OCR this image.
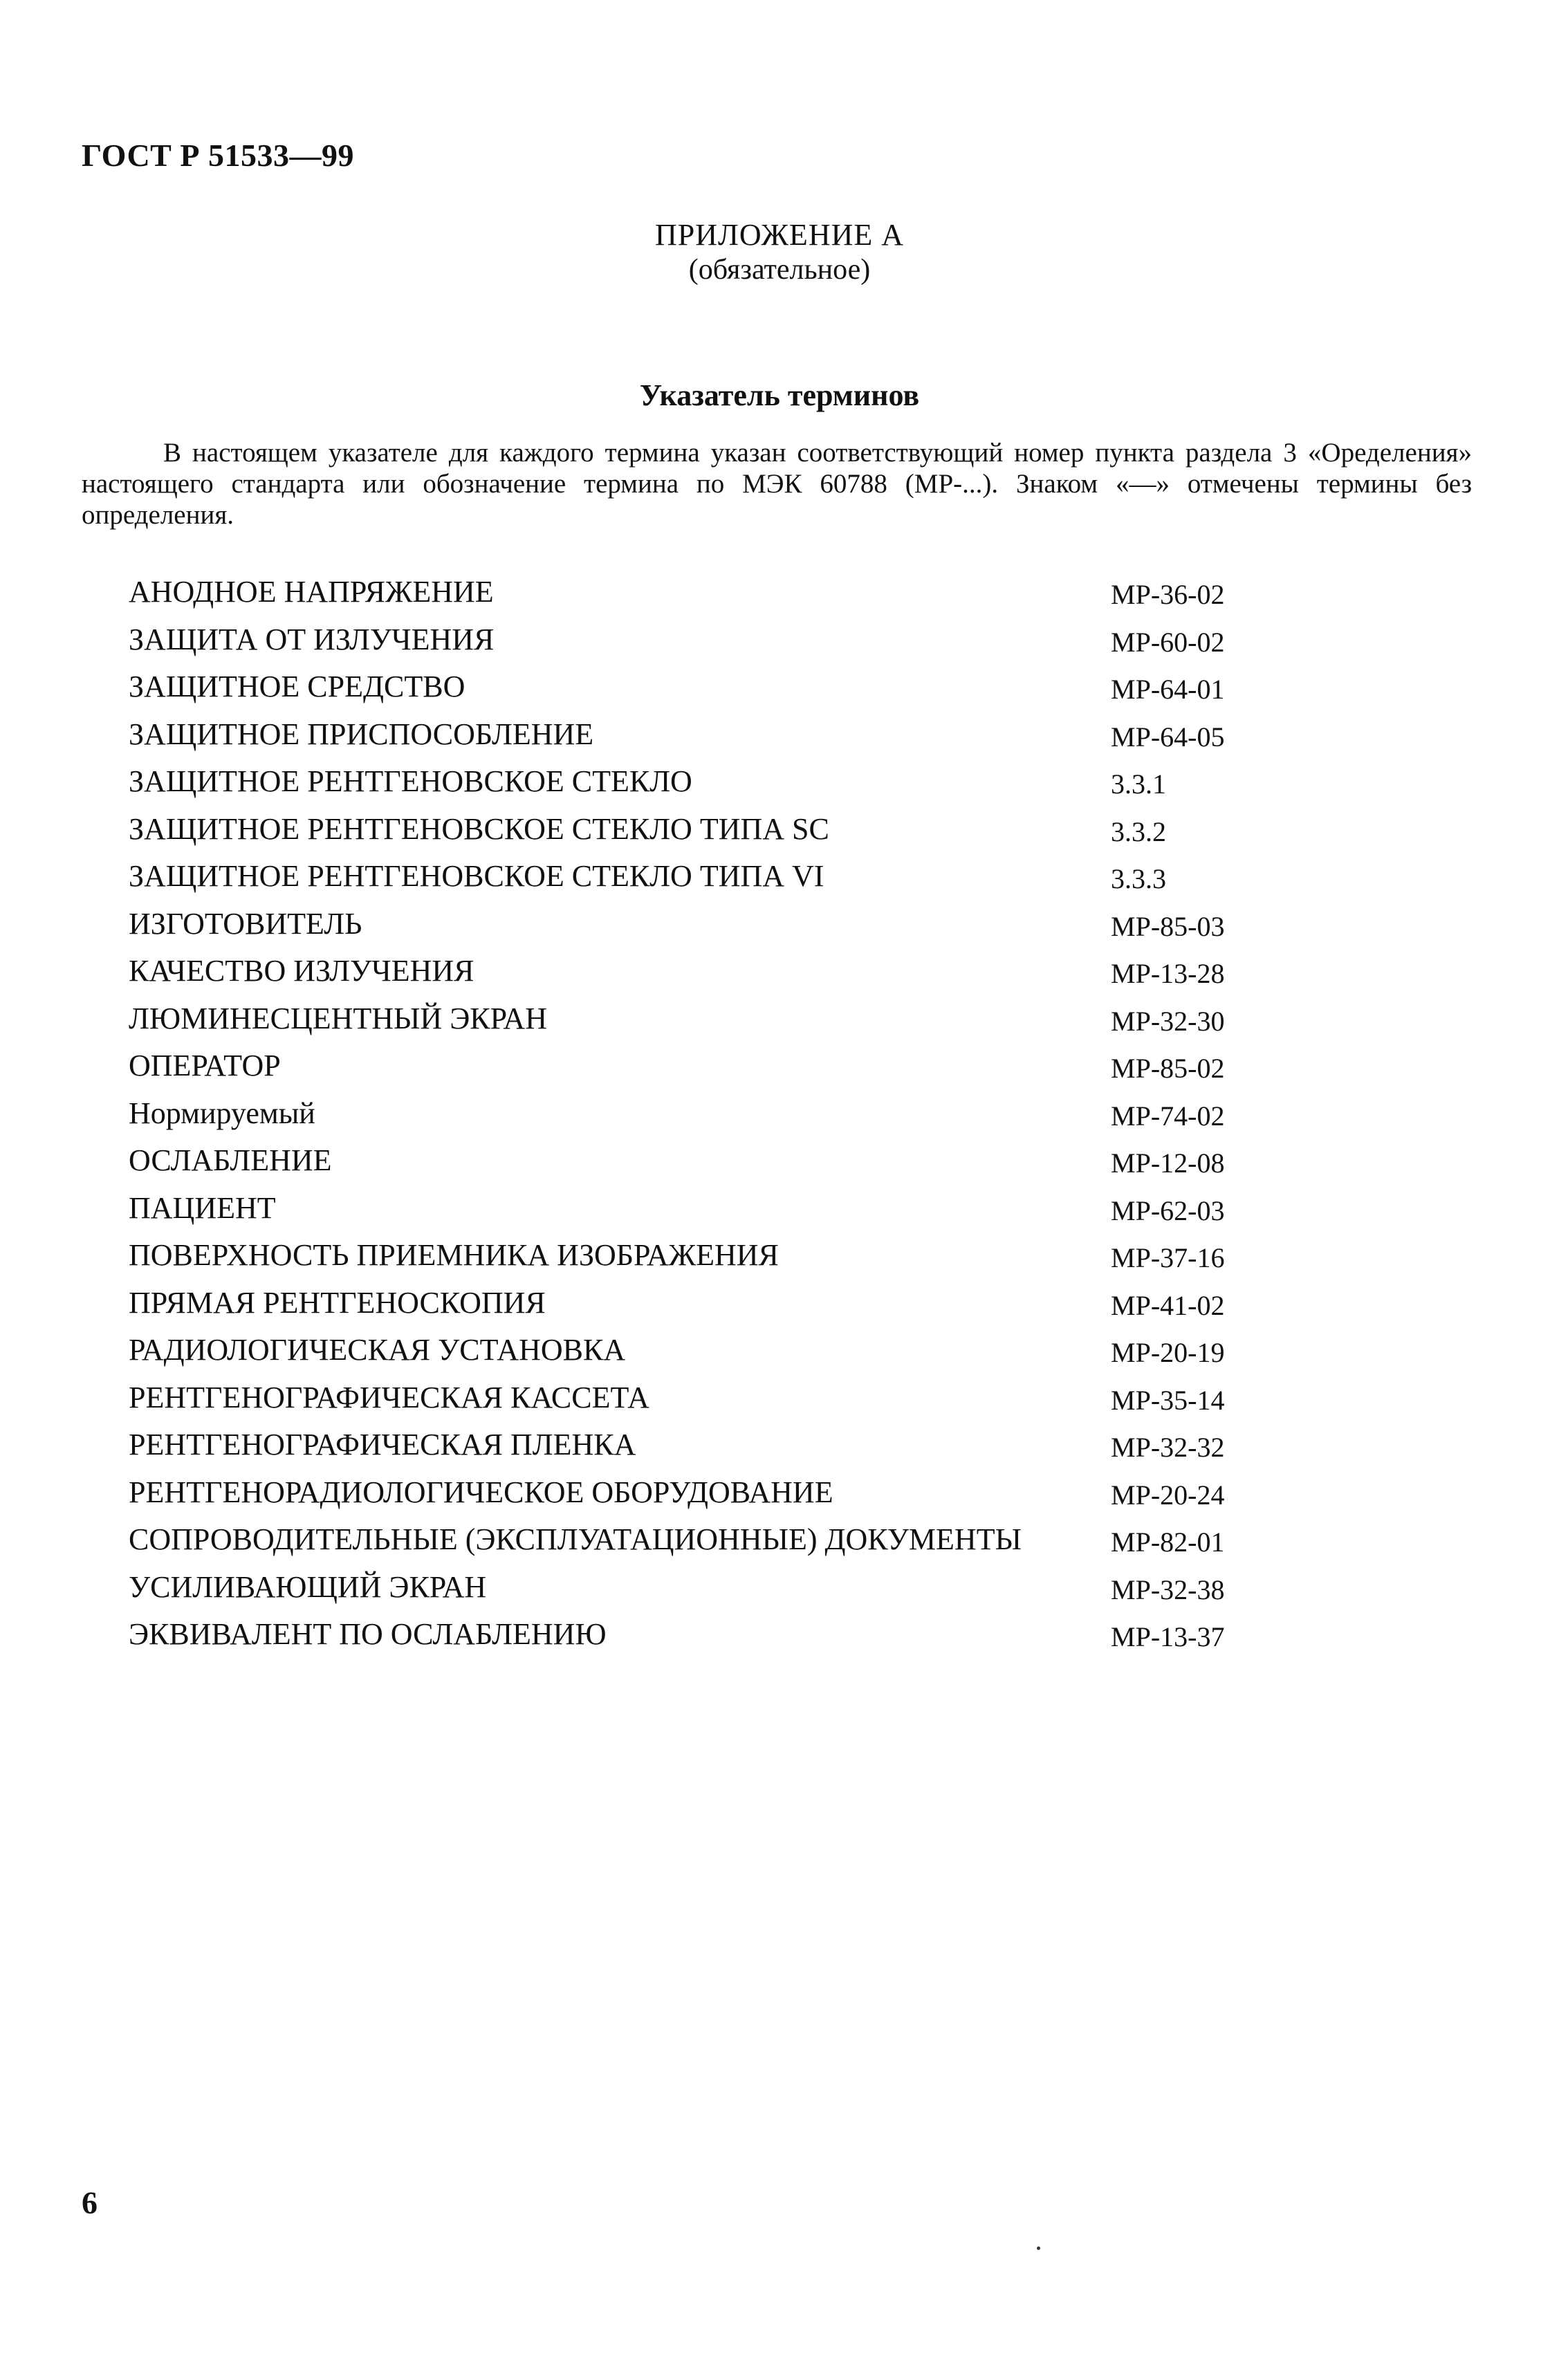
ГОСТ Р 51533—99
ПРИЛОЖЕНИЕ А
(обязательное)
Указатель терминов
В настоящем указателе для каждого термина указан соответствующий номер пункта раздела 3 «Оределения» настоящего стандарта или обозначение термина по МЭК 60788 (МР-...). Знаком «—» отмечены термины без определения.
АНОДНОЕ НАПРЯЖЕНИЕ	МР-36-02
ЗАЩИТА ОТ ИЗЛУЧЕНИЯ	МР-60-02
ЗАЩИТНОЕ СРЕДСТВО	МР-64-01
ЗАЩИТНОЕ ПРИСПОСОБЛЕНИЕ	МР-64-05
ЗАЩИТНОЕ РЕНТГЕНОВСКОЕ СТЕКЛО	3.3.1
ЗАЩИТНОЕ РЕНТГЕНОВСКОЕ СТЕКЛО ТИПА SC	3.3.2
ЗАЩИТНОЕ РЕНТГЕНОВСКОЕ СТЕКЛО ТИПА VI	3.3.3
ИЗГОТОВИТЕЛЬ	МР-85-03
КАЧЕСТВО ИЗЛУЧЕНИЯ	МР-13-28
ЛЮМИНЕСЦЕНТНЫЙ ЭКРАН	МР-32-30
ОПЕРАТОР	МР-85-02
Нормируемый	МР-74-02
ОСЛАБЛЕНИЕ	МР-12-08
ПАЦИЕНТ	МР-62-03
ПОВЕРХНОСТЬ ПРИЕМНИКА ИЗОБРАЖЕНИЯ	МР-37-16
ПРЯМАЯ РЕНТГЕНОСКОПИЯ	МР-41-02
РАДИОЛОГИЧЕСКАЯ УСТАНОВКА	МР-20-19
РЕНТГЕНОГРАФИЧЕСКАЯ КАССЕТА	МР-35-14
РЕНТГЕНОГРАФИЧЕСКАЯ ПЛЕНКА	МР-32-32
РЕНТГЕНОРАДИОЛОГИЧЕСКОЕ ОБОРУДОВАНИЕ	МР-20-24
СОПРОВОДИТЕЛЬНЫЕ (ЭКСПЛУАТАЦИОННЫЕ) ДОКУМЕНТЫ	МР-82-01
УСИЛИВАЮЩИЙ ЭКРАН	МР-32-38
ЭКВИВАЛЕНТ ПО ОСЛАБЛЕНИЮ	МР-13-37
6
